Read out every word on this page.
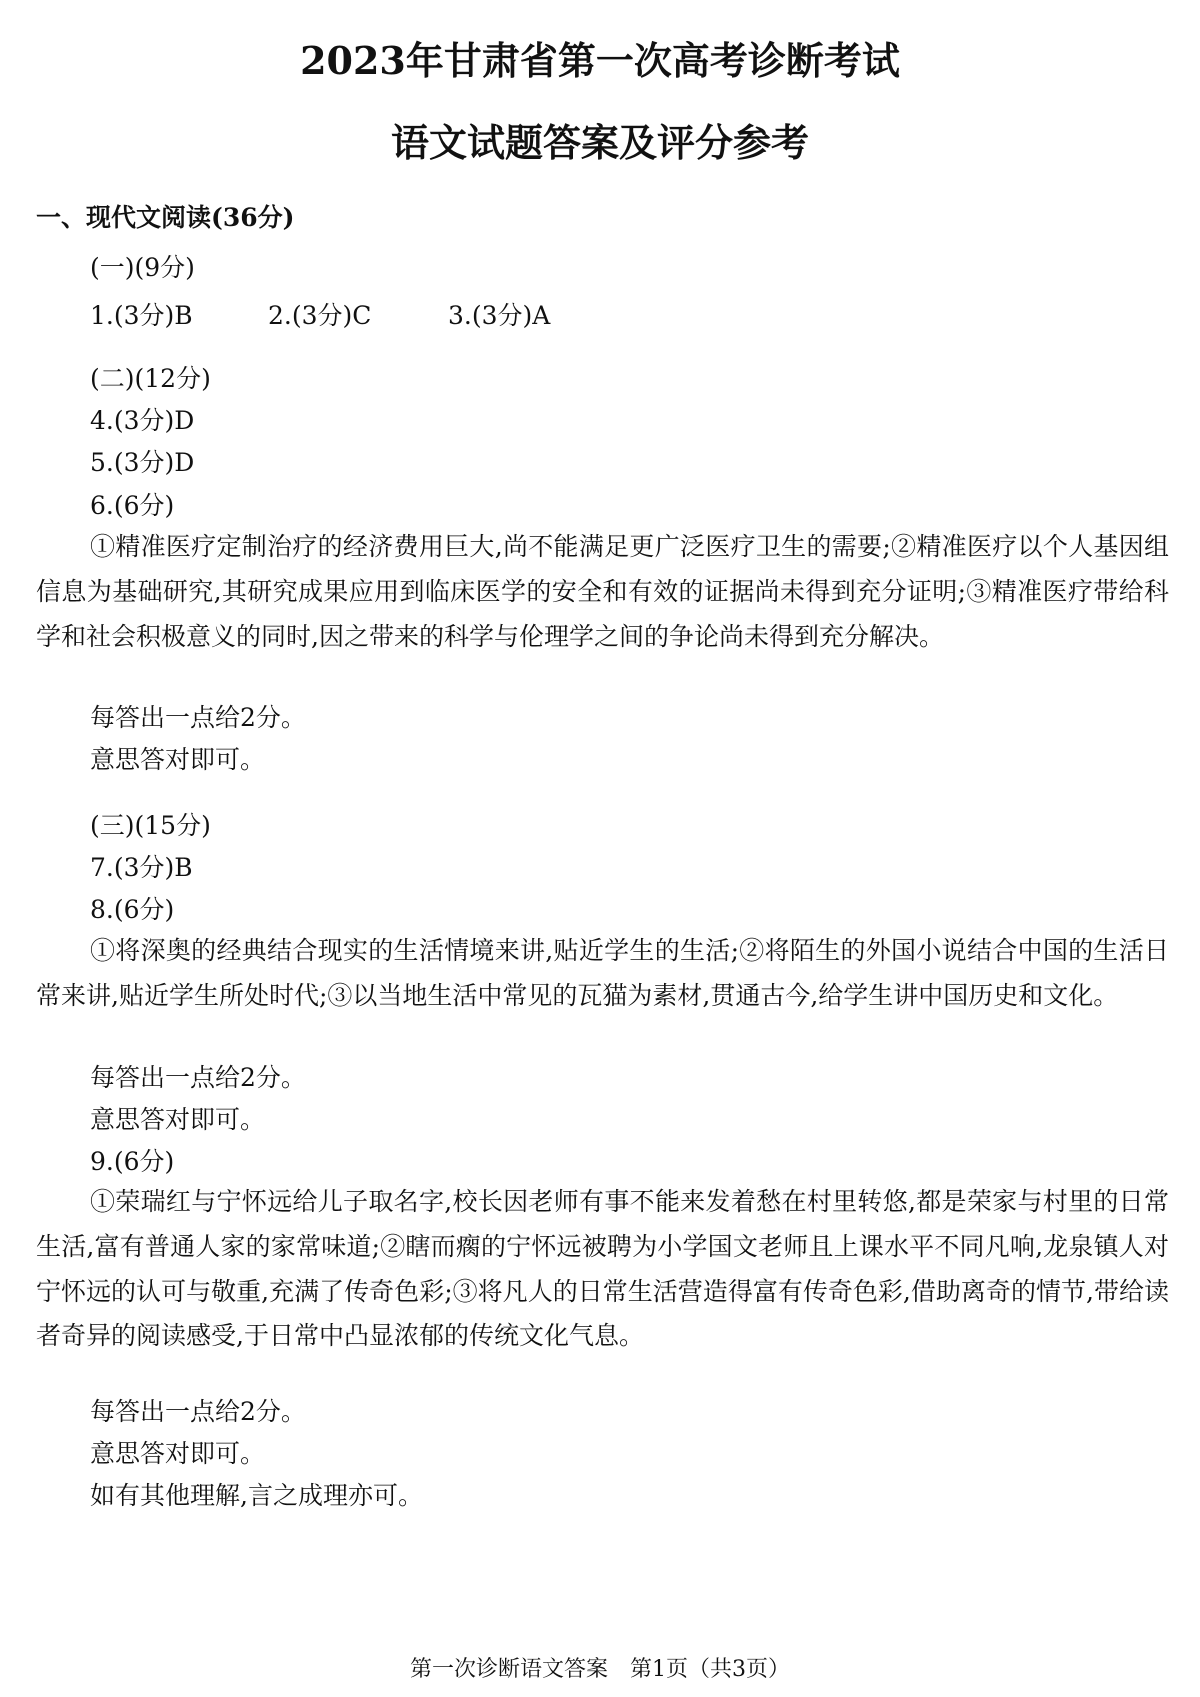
2023年甘肃省第一次高考诊断考试
语文试题答案及评分参考
一、现代文阅读(36分)
(一)(9分)
1.(3分)B	2.(3分)C	3.(3分)A
(二)(12分)
4.(3分)D
5.(3分)D
6.(6分)
①精准医疗定制治疗的经济费用巨大,尚不能满足更广泛医疗卫生的需要;②精准医疗以个人基因组信息为基础研究,其研究成果应用到临床医学的安全和有效的证据尚未得到充分证明;③精准医疗带给科学和社会积极意义的同时,因之带来的科学与伦理学之间的争论尚未得到充分解决。
每答出一点给2分。
意思答对即可。
(三)(15分)
7.(3分)B
8.(6分)
①将深奥的经典结合现实的生活情境来讲,贴近学生的生活;②将陌生的外国小说结合中国的生活日常来讲,贴近学生所处时代;③以当地生活中常见的瓦猫为素材,贯通古今,给学生讲中国历史和文化。
每答出一点给2分。
意思答对即可。
9.(6分)
①荣瑞红与宁怀远给儿子取名字,校长因老师有事不能来发着愁在村里转悠,都是荣家与村里的日常生活,富有普通人家的家常味道;②瞎而瘸的宁怀远被聘为小学国文老师且上课水平不同凡响,龙泉镇人对宁怀远的认可与敬重,充满了传奇色彩;③将凡人的日常生活营造得富有传奇色彩,借助离奇的情节,带给读者奇异的阅读感受,于日常中凸显浓郁的传统文化气息。
每答出一点给2分。
意思答对即可。
如有其他理解,言之成理亦可。
第一次诊断语文答案　第1页（共3页）
